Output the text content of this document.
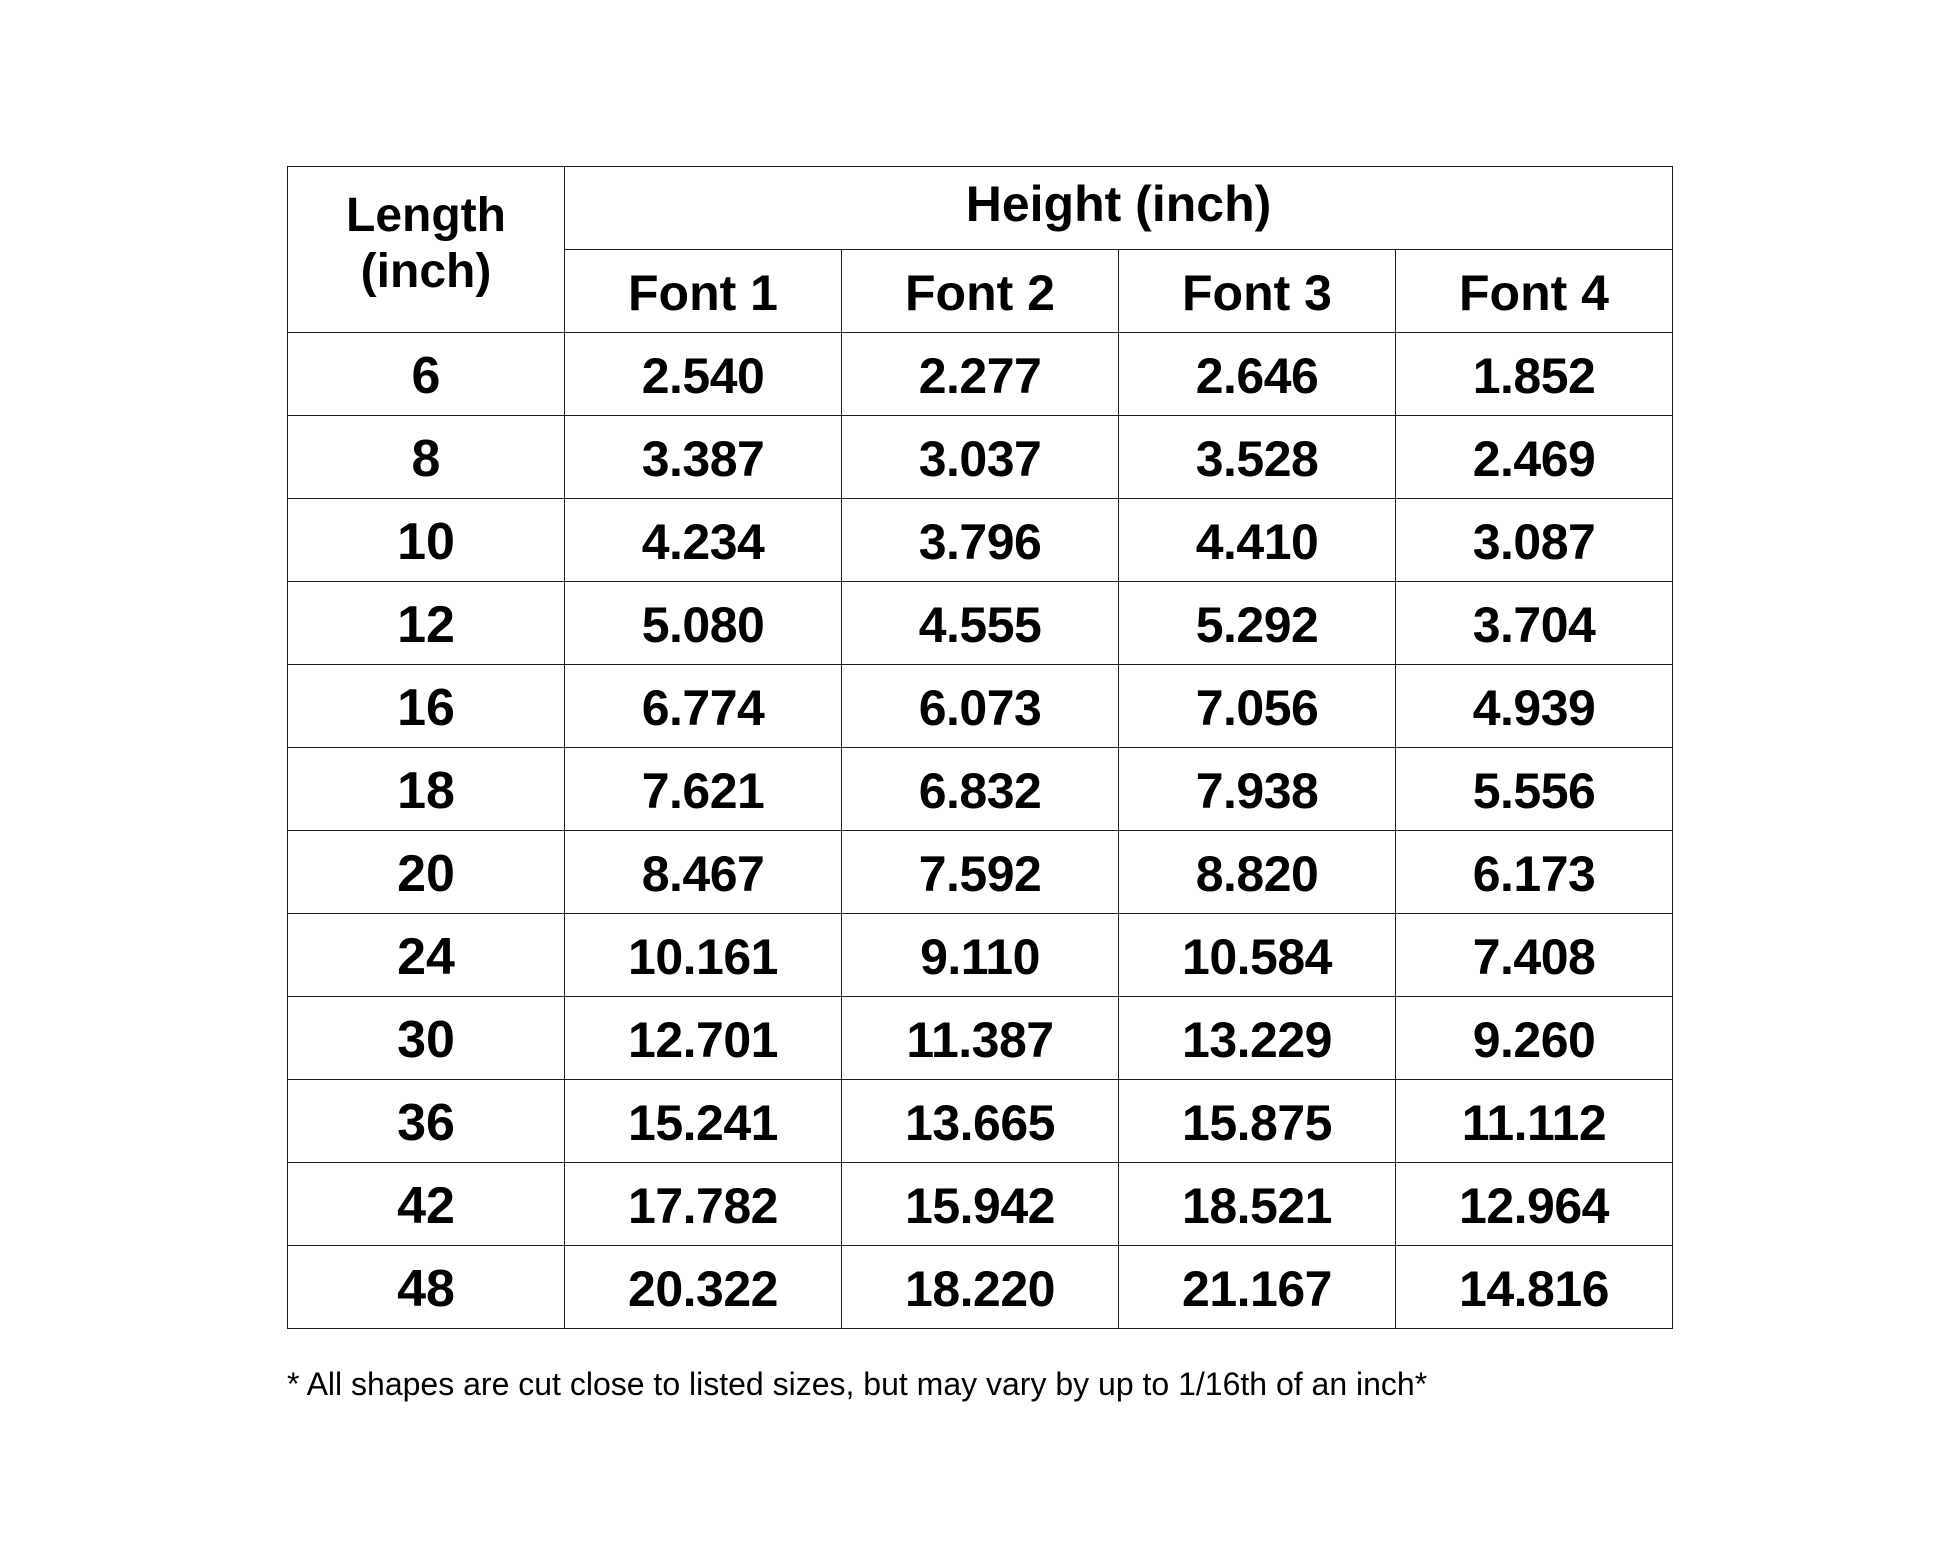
Length
(inch)	Height (inch)			
	Font 1	Font 2	Font 3	Font 4
6	2.540	2.277	2.646	1.852
8	3.387	3.037	3.528	2.469
10	4.234	3.796	4.410	3.087
12	5.080	4.555	5.292	3.704
16	6.774	6.073	7.056	4.939
18	7.621	6.832	7.938	5.556
20	8.467	7.592	8.820	6.173
24	10.161	9.110	10.584	7.408
30	12.701	11.387	13.229	9.260
36	15.241	13.665	15.875	11.112
42	17.782	15.942	18.521	12.964
48	20.322	18.220	21.167	14.816
* All shapes are cut close to listed sizes, but may vary by up to 1/16th of an inch*
